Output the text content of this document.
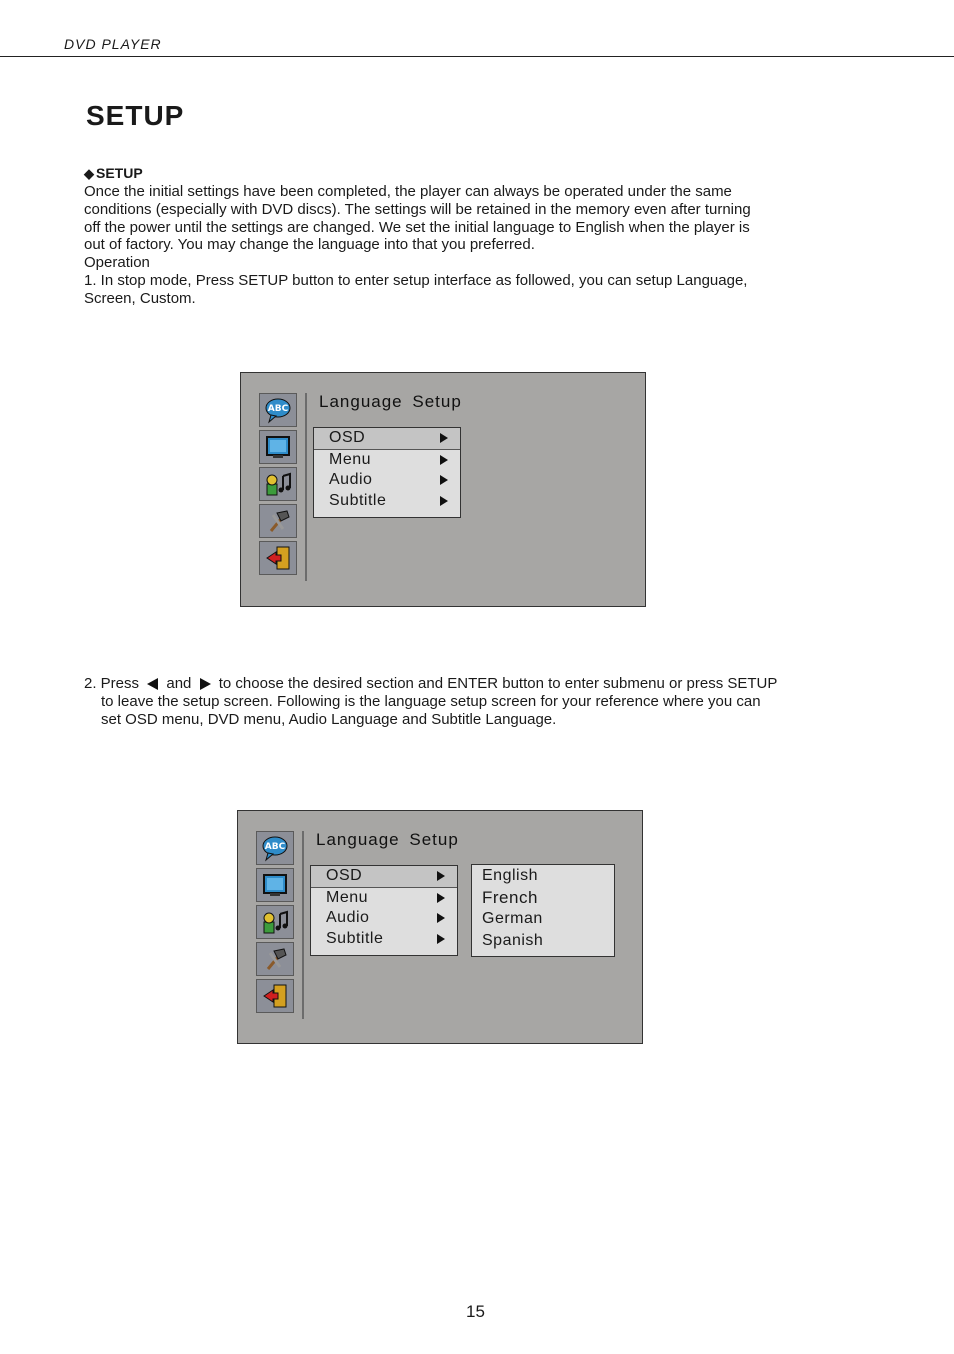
DVD PLAYER
SETUP
◆ SETUP

Once the initial settings have been completed, the player can always be operated under the same

conditions (especially with DVD discs). The settings will be retained in the memory even after turning

off the power until the settings are changed. We set the initial language to English when the player is

out of factory. You may change the language into that you preferred.

Operation

1. In stop mode, Press SETUP button to enter setup interface as followed, you can setup Language,

Screen, Custom.

ABC Language Setup
OSD
Menu
Audio
Subtitle
2. Press and to choose the desired section and ENTER button to enter submenu or press SETUP
to leave the setup screen. Following is the language setup screen for your reference where you can
set OSD menu, DVD menu, Audio Language and Subtitle Language.
ABC Language Setup
OSD
Menu
Audio
Subtitle
English
French
German
Spanish
15
